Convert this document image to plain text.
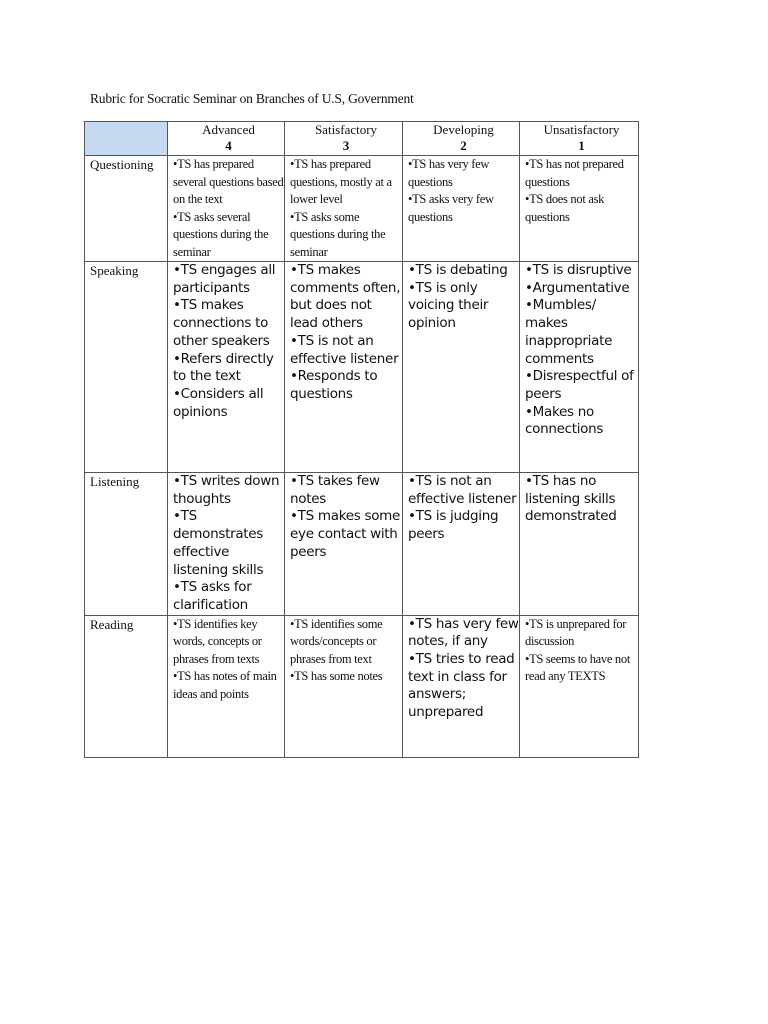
Rubric for Socratic Seminar on Branches of U.S, Government
	Advanced
4	Satisfactory
3	Developing
2	Unsatisfactory
1

Questioning	•TS has prepared several questions based on the text
•TS asks several questions during the seminar	•TS has prepared questions, mostly at a lower level
•TS asks some questions during the seminar	•TS has very few questions
•TS asks very few questions	•TS has not prepared questions
•TS does not ask questions

Speaking	•TS engages all participants
•TS makes connections to other speakers
•Refers directly to the text
•Considers all opinions	•TS makes comments often, but does not lead others
•TS is not an effective listener
•Responds to questions	•TS is debating
•TS is only voicing their opinion	•TS is disruptive
•Argumentative
•Mumbles/ makes inappropriate comments
•Disrespectful of peers
•Makes no connections

Listening	•TS writes down thoughts
•TS demonstrates effective listening skills
•TS asks for clarification	•TS takes few notes
•TS makes some eye contact with peers	•TS is not an effective listener
•TS is judging peers	•TS has no listening skills demonstrated

Reading	•TS identifies key words, concepts or phrases from texts
•TS has notes of main ideas and points	•TS identifies some words/concepts or phrases from text
•TS has some notes	•TS has very few notes, if any
•TS tries to read text in class for answers; unprepared	•TS is unprepared for discussion
•TS seems to have not read any TEXTS
